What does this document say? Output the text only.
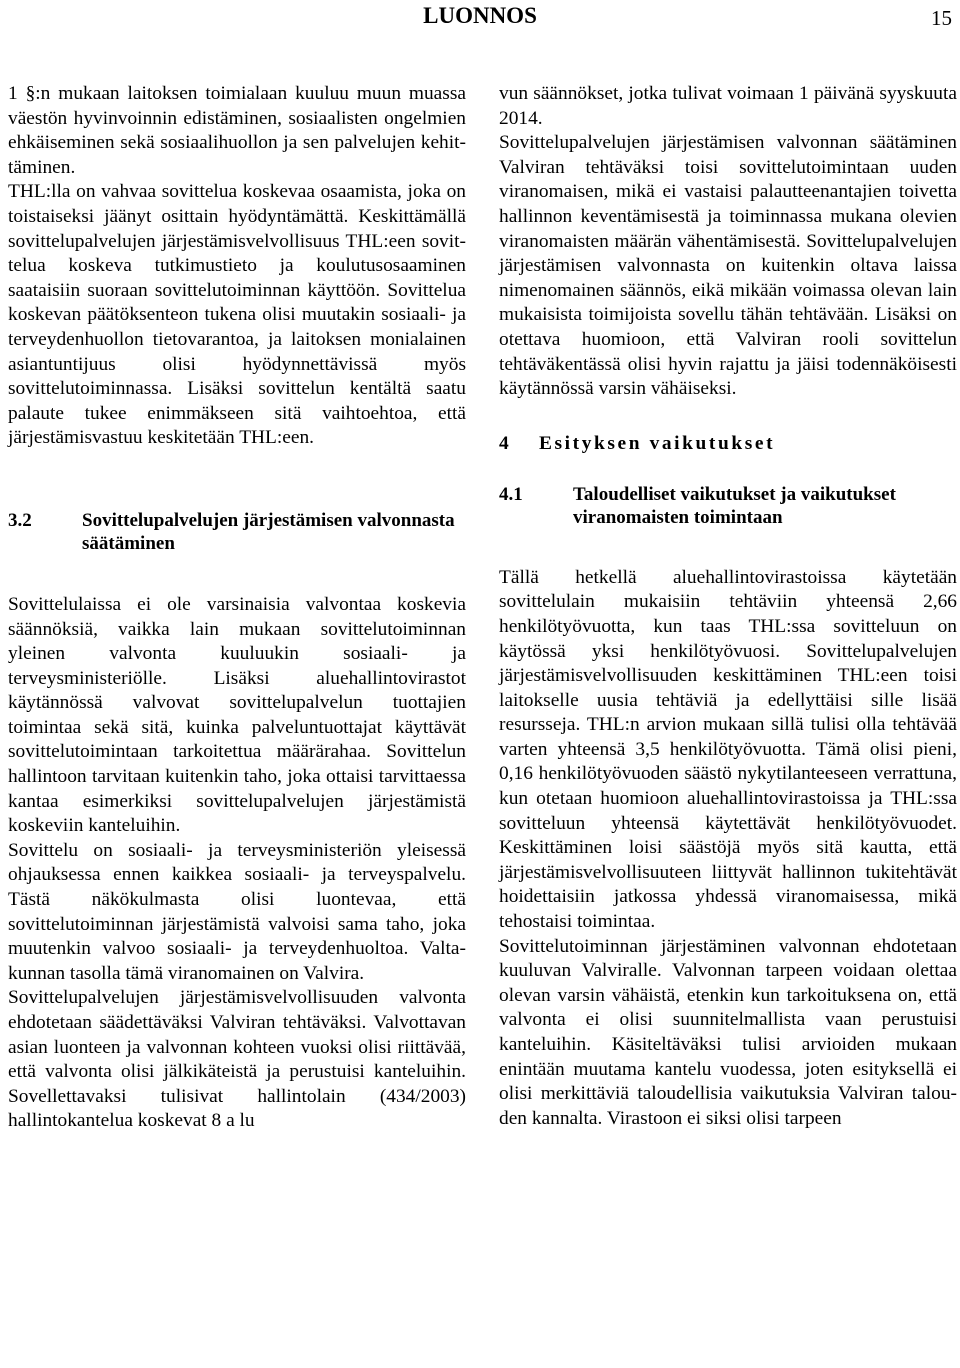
LUONNOS	15

1 §:n mukaan laitoksen toimialaan kuuluu muun muassa väestön hyvinvoinnin edistäminen, sosiaalisten ongelmien ehkäiseminen sekä sosiaalihuollon ja sen palvelujen kehittäminen.

THL:lla on vahvaa sovittelua koskevaa osaamista, joka on toistaiseksi jäänyt osittain hyödyntämättä. Keskittämällä sovittelupalvelujen järjestämisvelvollisuus THL:een sovittelua koskeva tutkimustieto ja koulutusosaaminen saataisiin suoraan sovittelutoiminnan käyttöön. Sovittelua koskevan päätöksenteon tukena olisi muutakin sosiaali- ja terveydenhuollon tietovarantoa, ja laitoksen monialainen asiantuntijuus olisi hyödynnettävissä myös sovittelutoiminnassa. Lisäksi sovittelun kentältä saatu palaute tukee enimmäkseen sitä vaihtoehtoa, että järjestämisvastuu keskitetään THL:een.

3.2	Sovittelupalvelujen järjestämisen valvonnasta säätäminen

Sovittelulaissa ei ole varsinaisia valvontaa koskevia säännöksiä, vaikka lain mukaan sovittelutoiminnan yleinen valvonta kuuluukin sosiaali- ja terveysministeriölle. Lisäksi aluehallintovirastot käytännössä valvovat sovittelupalvelun tuottajien toimintaa sekä sitä, kuinka palveluntuottajat käyttävät sovittelutoimintaan tarkoitettua määrärahaa. Sovittelun hallintoon tarvitaan kuitenkin taho, joka ottaisi tarvittaessa kantaa esimerkiksi sovittelupalvelujen järjestämistä koskeviin kanteluihin.

Sovittelu on sosiaali- ja terveysministeriön yleisessä ohjauksessa ennen kaikkea sosiaali- ja terveyspalvelu. Tästä näkökulmasta olisi luontevaa, että sovittelutoiminnan järjestämistä valvoisi sama taho, joka muutenkin valvoo sosiaali- ja terveydenhuoltoa. Valtakunnan tasolla tämä viranomainen on Valvira.

Sovittelupalvelujen järjestämisvelvollisuuden valvonta ehdotetaan säädettäväksi Valviran tehtäväksi. Valvottavan asian luonteen ja valvonnan kohteen vuoksi olisi riittävää, että valvonta olisi jälkikäteistä ja perustuisi kanteluihin. Sovellettavaksi tulisivat hallintolain (434/2003) hallintokantelua koskevat 8 a lu

vun säännökset, jotka tulivat voimaan 1 päivänä syyskuuta 2014.

Sovittelupalvelujen järjestämisen valvonnan säätäminen Valviran tehtäväksi toisi sovittelutoimintaan uuden viranomaisen, mikä ei vastaisi palautteenantajien toivetta hallinnon keventämisestä ja toiminnassa mukana olevien viranomaisten määrän vähentämisestä. Sovittelupalvelujen järjestämisen valvonnasta on kuitenkin oltava laissa nimenomainen säännös, eikä mikään voimassa olevan lain mukaisista toimijoista sovellu tähän tehtävään. Lisäksi on otettava huomioon, että Valviran rooli sovittelun tehtäväkentässä olisi hyvin rajattu ja jäisi todennäköisesti käytännössä varsin vähäiseksi.

4 Esityksen vaikutukset
4.1	Taloudelliset vaikutukset ja vaikutukset viranomaisten toimintaan

Tällä hetkellä aluehallintovirastoissa käytetään sovittelulain mukaisiin tehtäviin yhteensä 2,66 henkilötyövuotta, kun taas THL:ssa sovitteluun on käytössä yksi henkilötyövuosi. Sovittelupalvelujen järjestämisvelvollisuuden keskittäminen THL:een toisi laitokselle uusia tehtäviä ja edellyttäisi sille lisää resursseja. THL:n arvion mukaan sillä tulisi olla tehtävää varten yhteensä 3,5 henkilötyövuotta. Tämä olisi pieni, 0,16 henkilötyövuoden säästö nykytilanteeseen verrattuna, kun otetaan huomioon aluehallintovirastoissa ja THL:ssa sovitteluun yhteensä käytettävät henkilötyövuodet. Keskittäminen loisi säästöjä myös sitä kautta, että järjestämisvelvollisuuteen liittyvät hallinnon tukitehtävät hoidettaisiin jatkossa yhdessä viranomaisessa, mikä tehostaisi toimintaa.

Sovittelutoiminnan järjestäminen valvonnan ehdotetaan kuuluvan Valviralle. Valvonnan tarpeen voidaan olettaa olevan varsin vähäistä, etenkin kun tarkoituksena on, että valvonta ei olisi suunnitelmallista vaan perustuisi kanteluihin. Käsiteltäväksi tulisi arvioiden mukaan enintään muutama kantelu vuodessa, joten esityksellä ei olisi merkittäviä taloudellisia vaikutuksia Valviran talouden kannalta. Virastoon ei siksi olisi tarpeen
